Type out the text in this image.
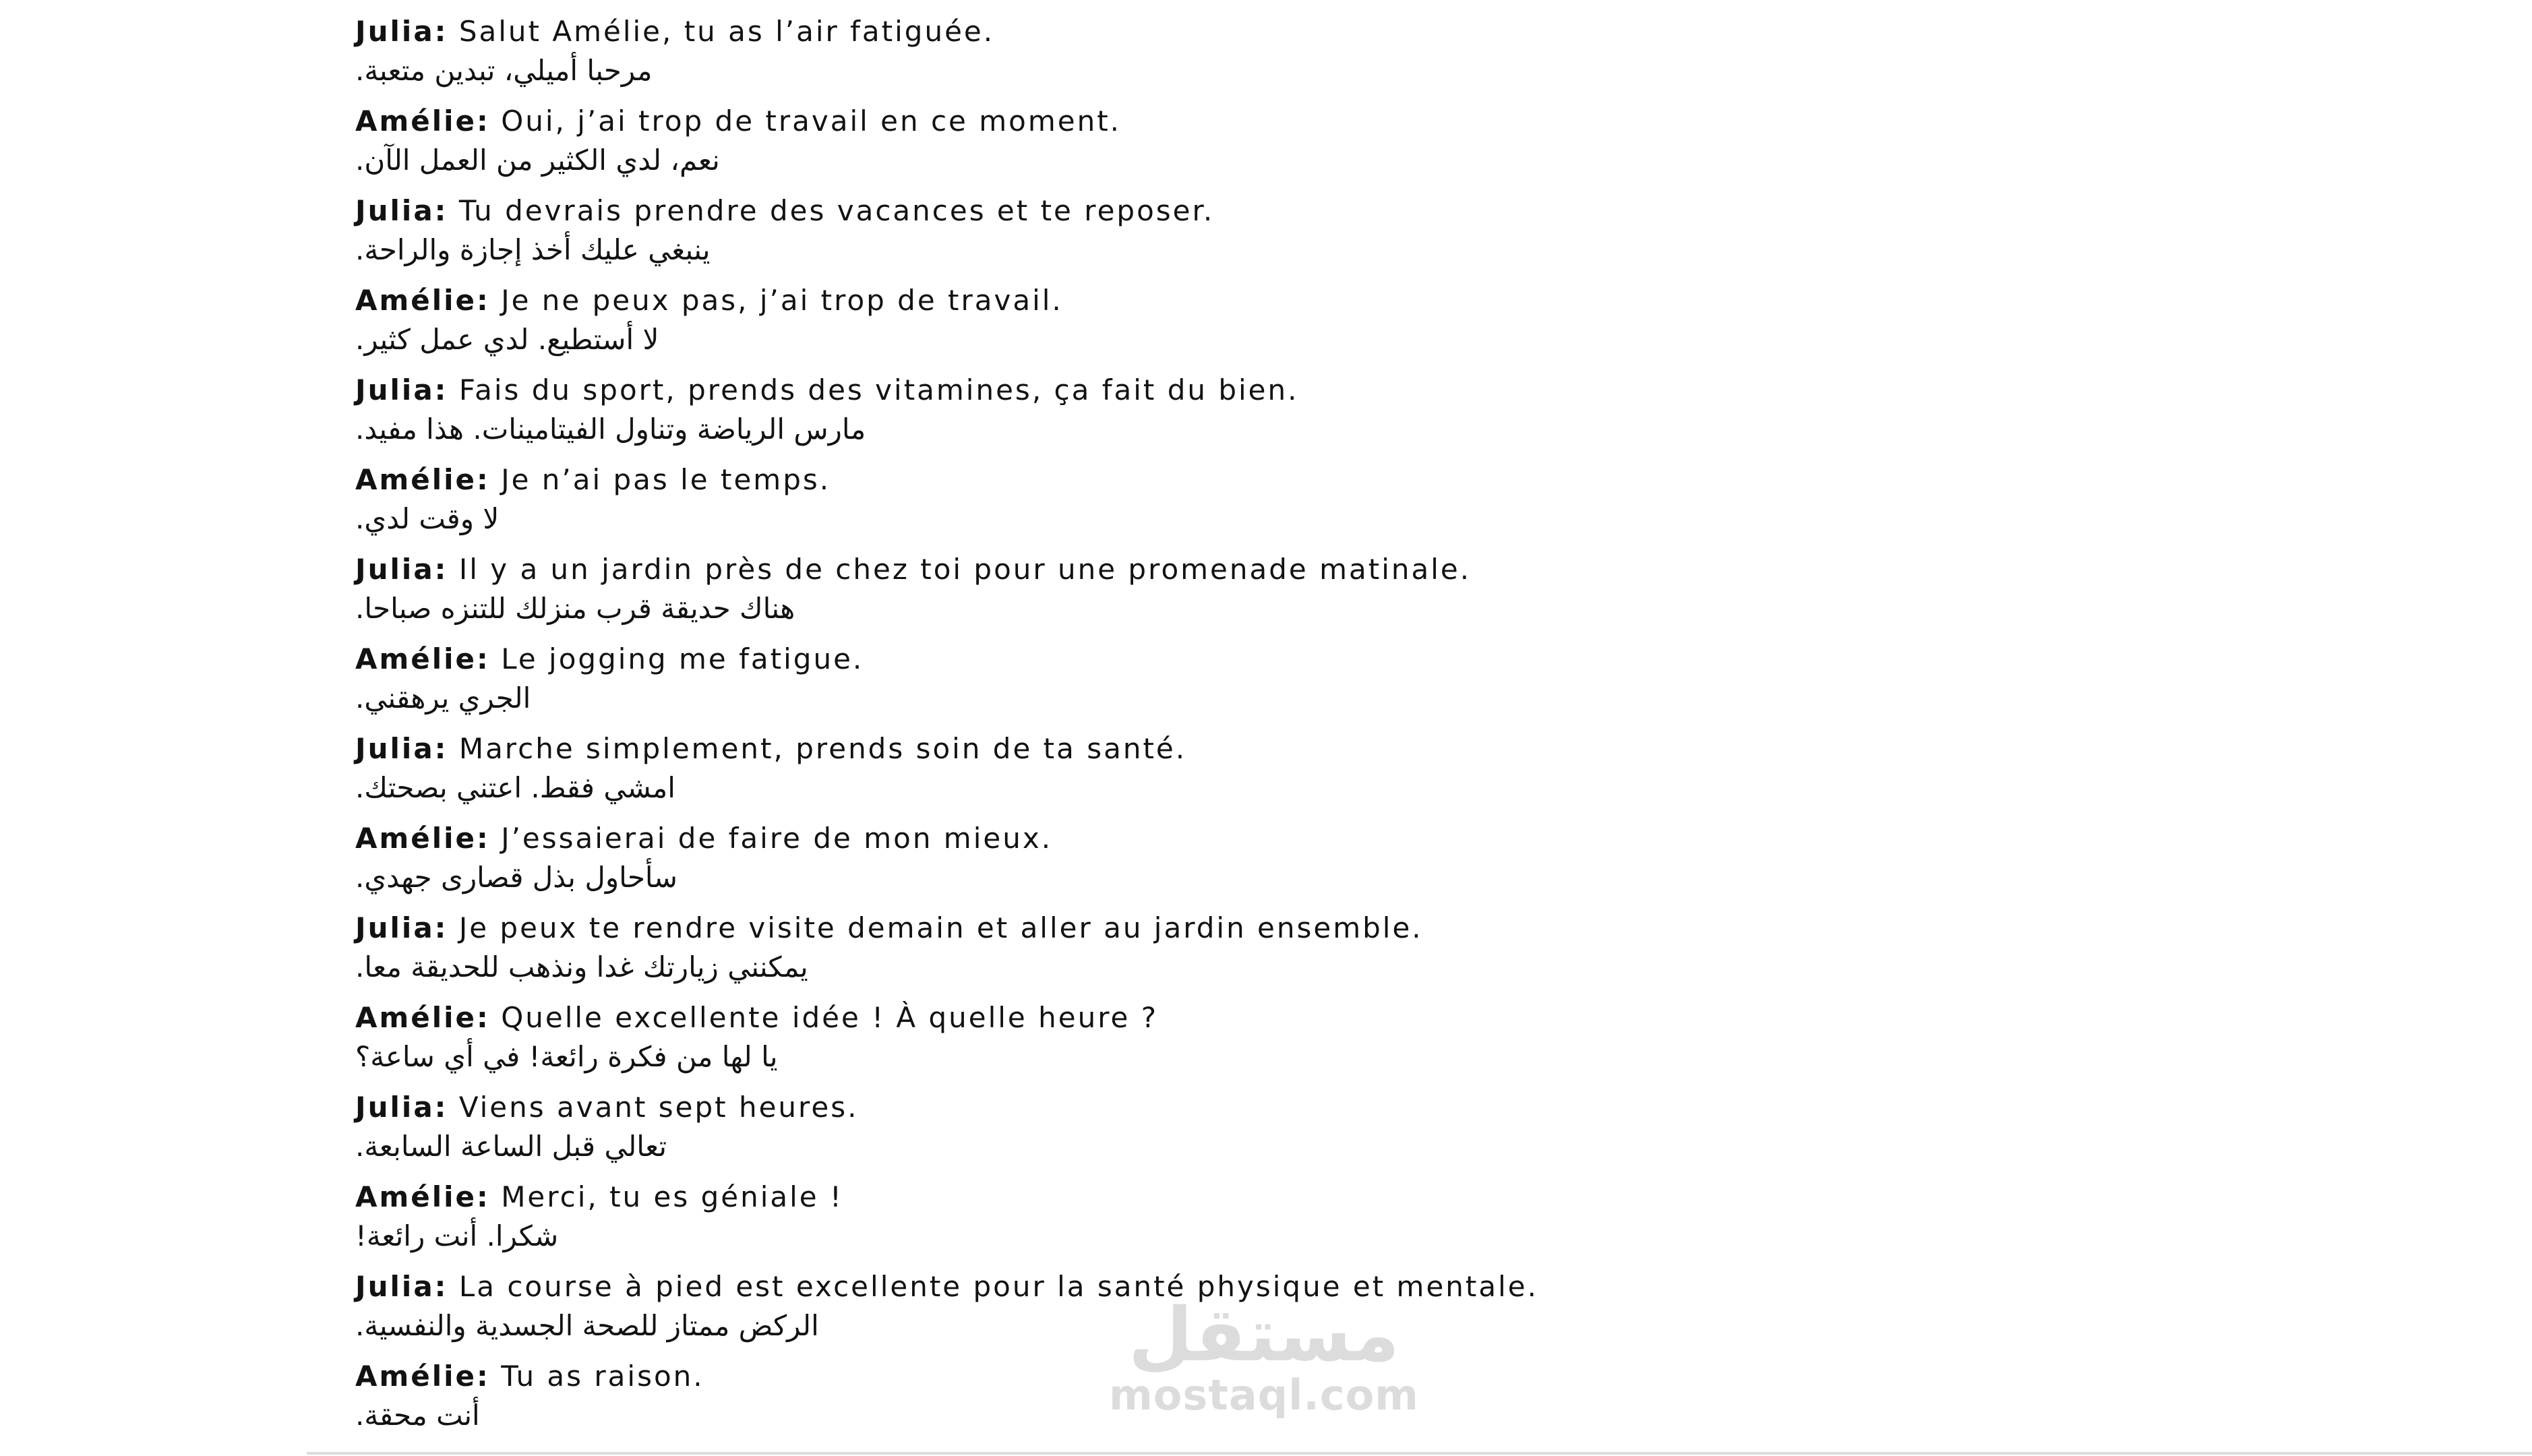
Julia: Salut Amélie, tu as l’air fatiguée.
مرحبا أميلي، تبدين متعبة.
Amélie: Oui, j’ai trop de travail en ce moment.
نعم، لدي الكثير من العمل الآن.
Julia: Tu devrais prendre des vacances et te reposer.
ينبغي عليك أخذ إجازة والراحة.
Amélie: Je ne peux pas, j’ai trop de travail.
لا أستطيع. لدي عمل كثير.
Julia: Fais du sport, prends des vitamines, ça fait du bien.
مارس الرياضة وتناول الفيتامينات. هذا مفيد.
Amélie: Je n’ai pas le temps.
لا وقت لدي.
Julia: Il y a un jardin près de chez toi pour une promenade matinale.
هناك حديقة قرب منزلك للتنزه صباحا.
Amélie: Le jogging me fatigue.
الجري يرهقني.
Julia: Marche simplement, prends soin de ta santé.
امشي فقط. اعتني بصحتك.
Amélie: J’essaierai de faire de mon mieux.
سأحاول بذل قصارى جهدي.
Julia: Je peux te rendre visite demain et aller au jardin ensemble.
يمكنني زيارتك غدا ونذهب للحديقة معا.
Amélie: Quelle excellente idée ! À quelle heure ?
يا لها من فكرة رائعة! في أي ساعة؟
Julia: Viens avant sept heures.
تعالي قبل الساعة السابعة.
Amélie: Merci, tu es géniale !
شكرا. أنت رائعة!
Julia: La course à pied est excellente pour la santé physique et mentale.
الركض ممتاز للصحة الجسدية والنفسية.
Amélie: Tu as raison.
أنت محقة.
مستقل
mostaql.com
